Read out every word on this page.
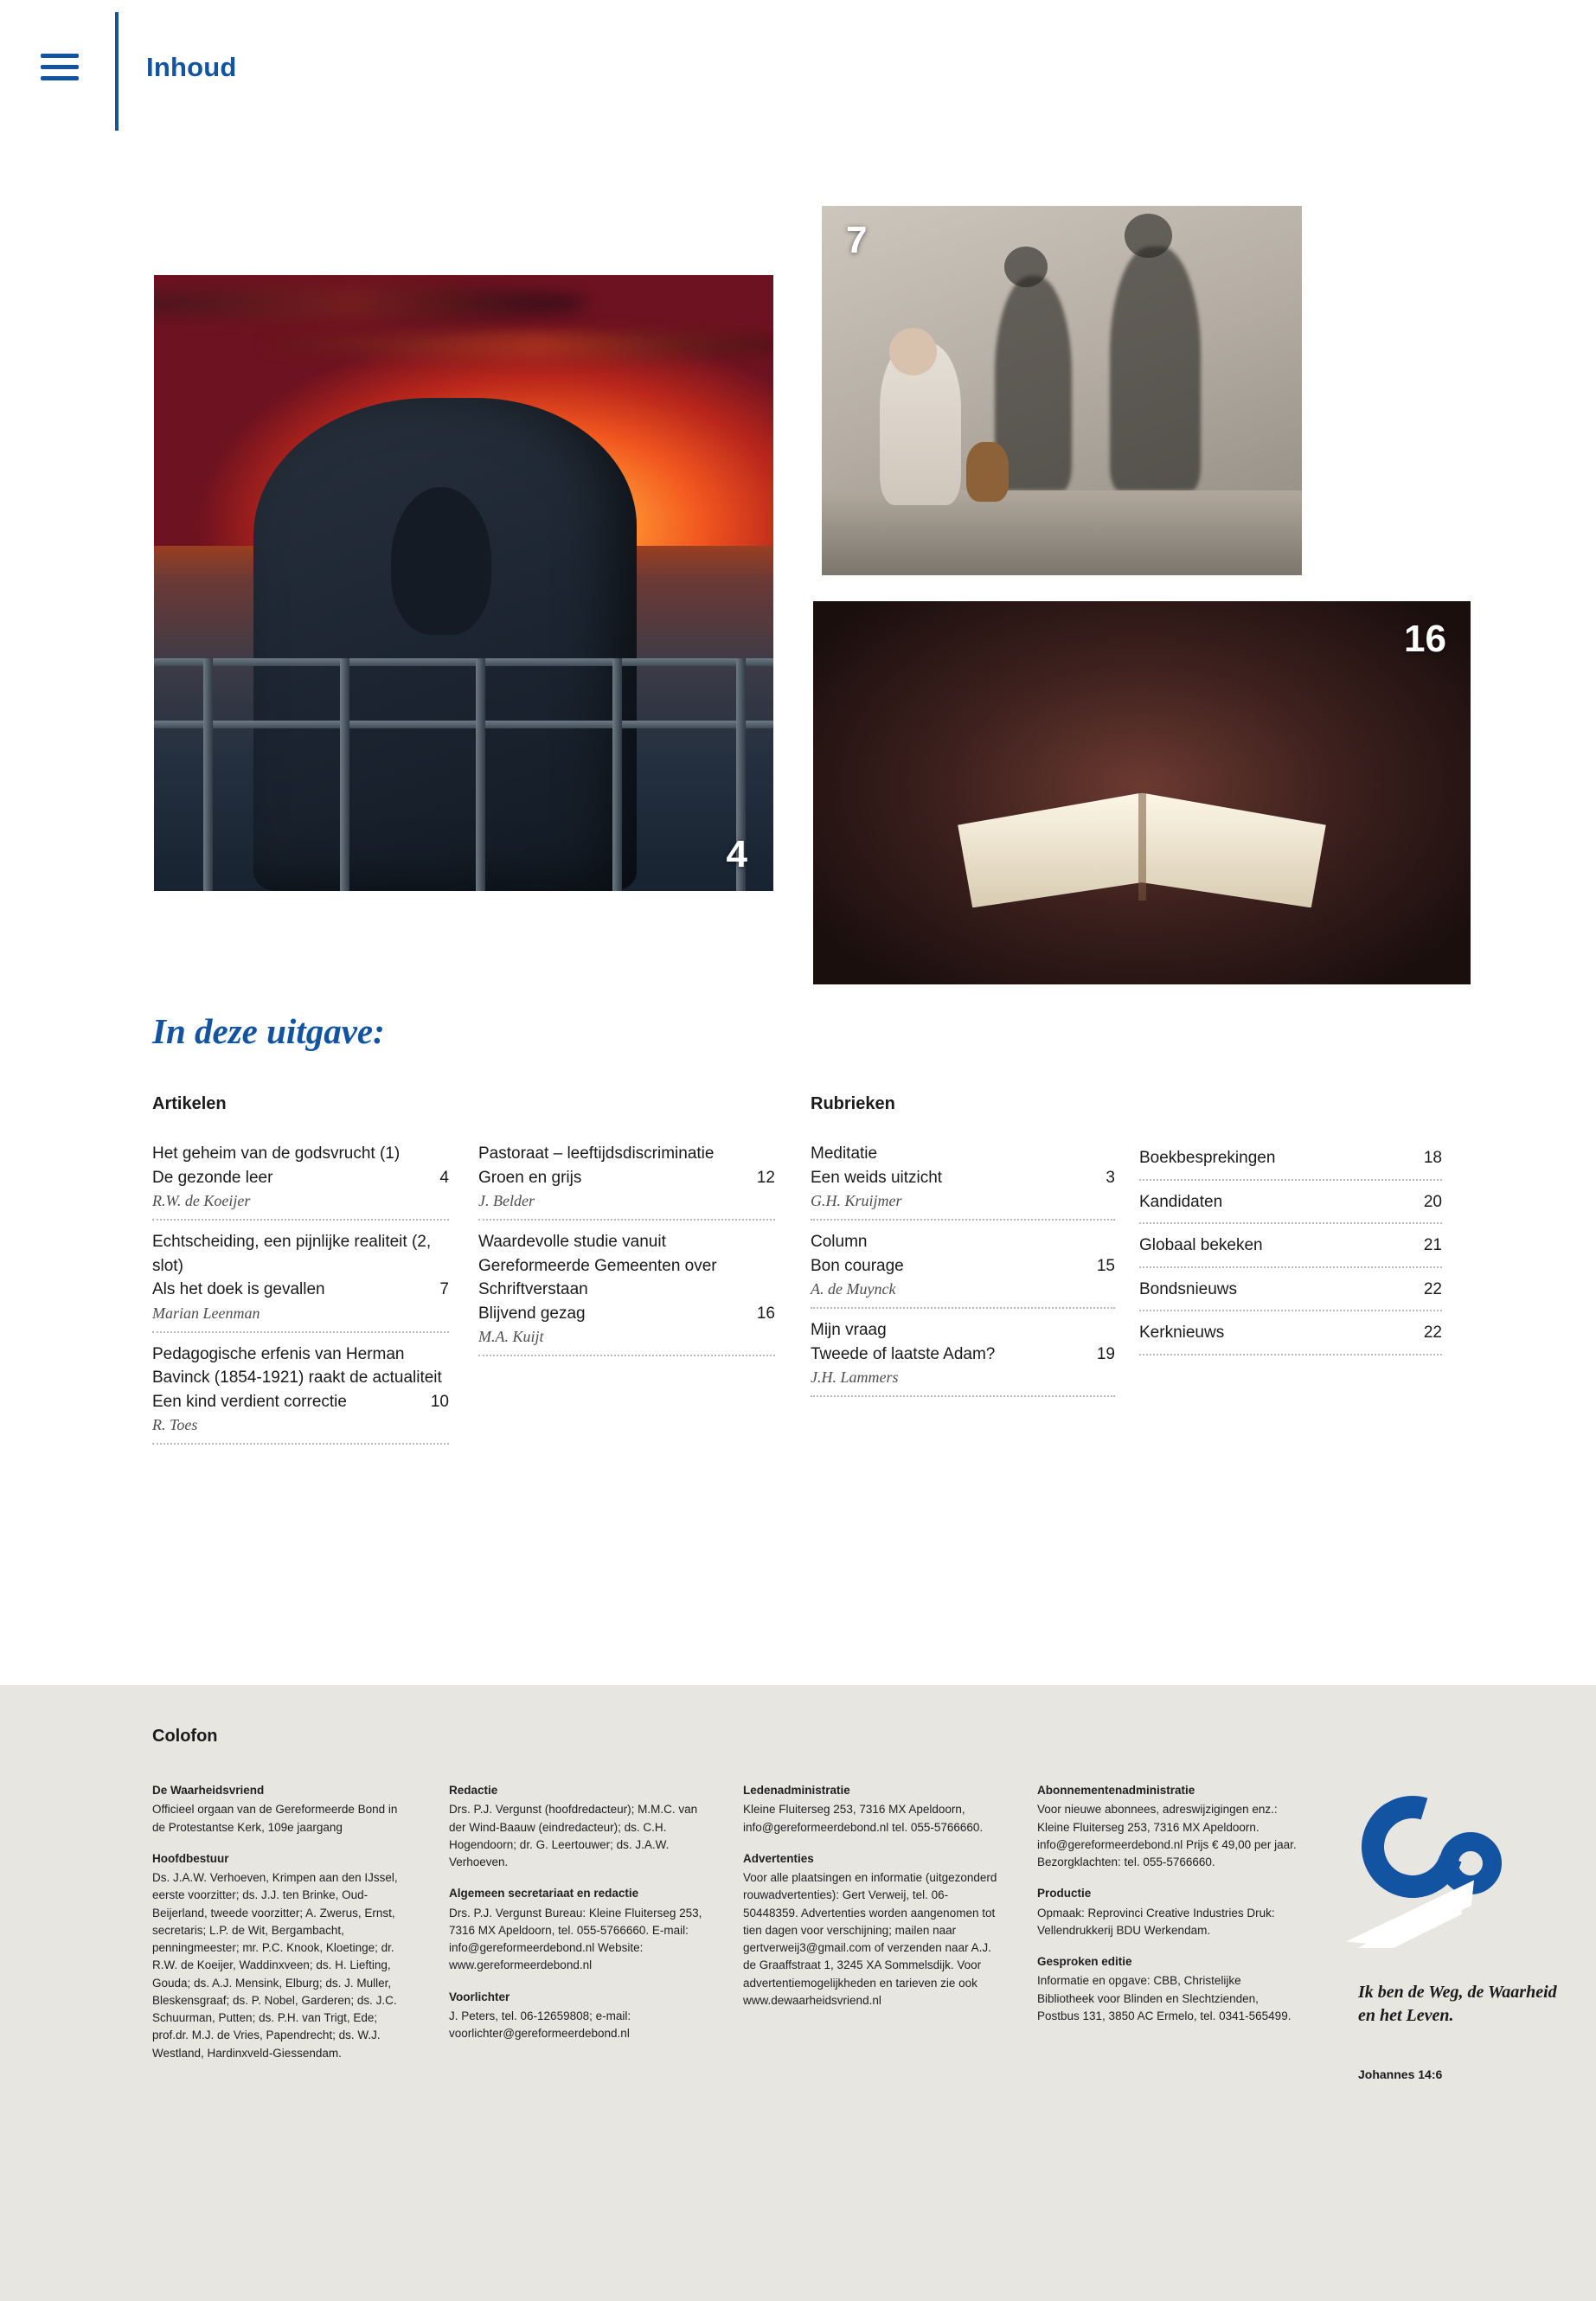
Inhoud
4
7
16
In deze uitgave:
Artikelen	Rubrieken
Het geheim van de godsvrucht (1)
De gezonde leer	4
R.W. de Koeijer
Echtscheiding, een pijnlijke realiteit (2, slot)
Als het doek is gevallen	7
Marian Leenman
Pedagogische erfenis van Herman Bavinck (1854-1921) raakt de actualiteit
Een kind verdient correctie	10
R. Toes
Pastoraat – leeftijdsdiscriminatie
Groen en grijs	12
J. Belder
Waardevolle studie vanuit Gereformeerde Gemeenten over Schriftverstaan
Blijvend gezag	16
M.A. Kuijt
Meditatie
Een weids uitzicht	3
G.H. Kruijmer
Column
Bon courage	15
A. de Muynck
Mijn vraag
Tweede of laatste Adam?	19
J.H. Lammers
Boekbesprekingen	18
Kandidaten	20
Globaal bekeken	21
Bondsnieuws	22
Kerknieuws	22
Colofon
De Waarheidsvriend

Officieel orgaan van de Gereformeerde Bond in de Protestantse Kerk, 109e jaargang

Hoofdbestuur

Ds. J.A.W. Verhoeven, Krimpen aan den IJssel, eerste voorzitter; ds. J.J. ten Brinke, Oud-Beijerland, tweede voorzitter; A. Zwerus, Ernst, secretaris; L.P. de Wit, Bergambacht, penningmeester; mr. P.C. Knook, Kloetinge; dr. R.W. de Koeijer, Waddinxveen; ds. H. Liefting, Gouda; ds. A.J. Mensink, Elburg; ds. J. Muller, Bleskensgraaf; ds. P. Nobel, Garderen; ds. J.C. Schuurman, Putten; ds. P.H. van Trigt, Ede; prof.dr. M.J. de Vries, Papendrecht; ds. W.J. Westland, Hardinxveld-Giessendam.

Redactie

Drs. P.J. Vergunst (hoofdredacteur); M.M.C. van der Wind-Baauw (eindredacteur); ds. C.H. Hogendoorn; dr. G. Leertouwer; ds. J.A.W. Verhoeven.

Algemeen secretariaat en redactie

Drs. P.J. Vergunst Bureau: Kleine Fluiterseg 253, 7316 MX Apeldoorn, tel. 055-5766660. E-mail: info@gereformeerdebond.nl Website: www.gereformeerdebond.nl

Voorlichter

J. Peters, tel. 06-12659808; e-mail: voorlichter@gereformeerdebond.nl

Ledenadministratie

Kleine Fluiterseg 253, 7316 MX Apeldoorn, info@gereformeerdebond.nl tel. 055-5766660.

Advertenties

Voor alle plaatsingen en informatie (uitgezonderd rouwadvertenties): Gert Verweij, tel. 06-50448359. Advertenties worden aangenomen tot tien dagen voor verschijning; mailen naar gertverweij3@gmail.com of verzenden naar A.J. de Graaffstraat 1, 3245 XA Sommelsdijk. Voor advertentiemogelijkheden en tarieven zie ook www.dewaarheidsvriend.nl

Abonnementenadministratie

Voor nieuwe abonnees, adreswijzigingen enz.: Kleine Fluiterseg 253, 7316 MX Apeldoorn. info@gereformeerdebond.nl Prijs € 49,00 per jaar. Bezorgklachten: tel. 055-5766660.

Productie

Opmaak: Reprovinci Creative Industries Druk: Vellendrukkerij BDU Werkendam.

Gesproken editie

Informatie en opgave: CBB, Christelijke Bibliotheek voor Blinden en Slechtzienden, Postbus 131, 3850 AC Ermelo, tel. 0341-565499.

Ik ben de Weg, de Waarheid en het Leven.
Johannes 14:6
